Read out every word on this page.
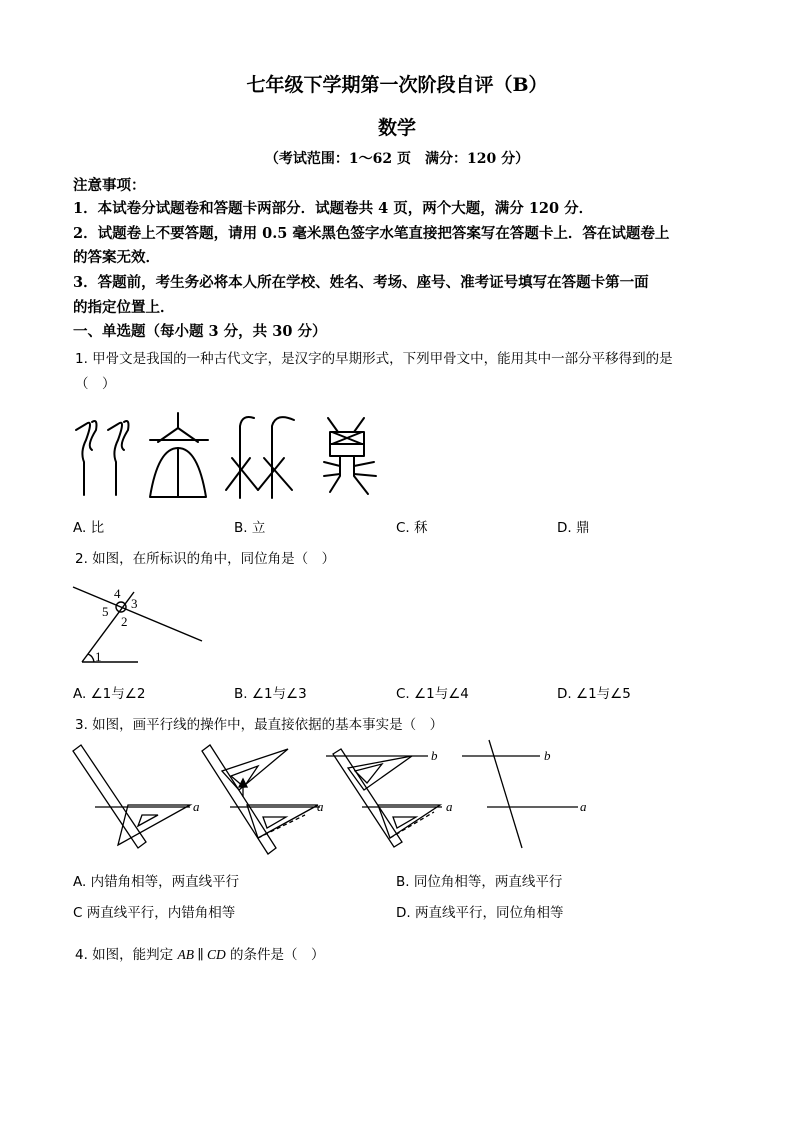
七年级下学期第一次阶段自评（B）
数学
（考试范围：1～62 页　满分：120 分）
注意事项：
1．本试卷分试题卷和答题卡两部分．试题卷共 4 页，两个大题，满分 120 分．
2．试题卷上不要答题，请用 0.5 毫米黑色签字水笔直接把答案写在答题卡上．答在试题卷上
的答案无效．
3．答题前，考生务必将本人所在学校、姓名、考场、座号、准考证号填写在答题卡第一面
的指定位置上．
一、单选题（每小题 3 分，共 30 分）
1. 甲骨文是我国的一种古代文字，是汉字的早期形式，下列甲骨文中，能用其中一部分平移得到的是
（　）
A. 比	B. 立	C. 秝	D. 鼎
2. 如图，在所标识的角中，同位角是（　）
4
5
3
2
1
A. ∠1与∠2	B. ∠1与∠3	C. ∠1与∠4	D. ∠1与∠5
3. 如图，画平行线的操作中，最直接依据的基本事实是（　）
a	a
b
a
b
a
A. 内错角相等，两直线平行	B. 同位角相等，两直线平行
C 两直线平行，内错角相等	D. 两直线平行，同位角相等
4. 如图，能判定 AB ∥ CD 的条件是（　）
